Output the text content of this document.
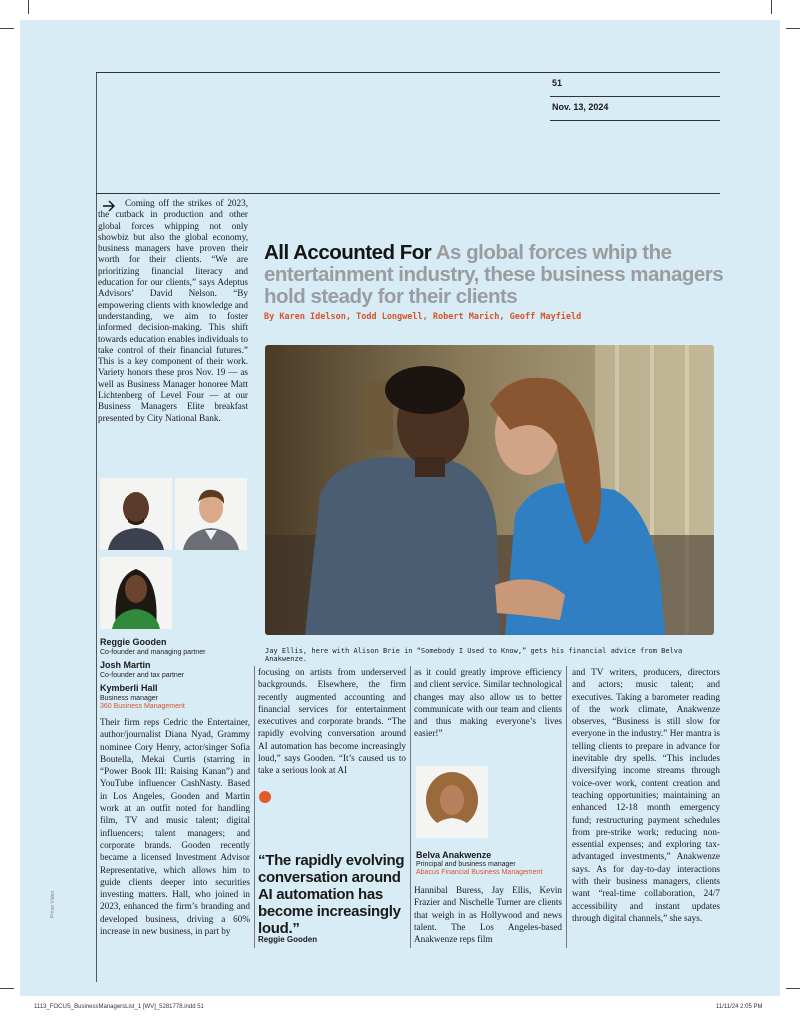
51
Nov. 13, 2024

Coming off the strikes of 2023, the cutback in production and other global forces whipping not only showbiz but also the global economy, business managers have proven their worth for their clients. “We are prioritizing financial literacy and education for our clients,” says Adeptus Advisors’ David Nelson. “By empowering clients with knowledge and understanding, we aim to foster informed decision-making. This shift towards education enables individuals to take control of their financial futures.” This is a key component of their work. Variety honors these pros Nov. 19 — as well as Business Manager honoree Matt Lichtenberg of Level Four — at our Business Managers Elite breakfast presented by City National Bank.

All Accounted For As global forces whip the entertainment industry, these business managers hold steady for their clients
By Karen Idelson, Todd Longwell, Robert Marich, Geoff Mayfield
Jay Ellis, here with Alison Brie in “Somebody I Used to Know,” gets his financial advice from Belva Anakwenze.
Reggie Gooden
Co-founder and managing partner
Josh Martin
Co-founder and tax partner
Kymberli Hall
Business manager
360 Business Management

Their firm reps Cedric the Entertainer, author/journalist Diana Nyad, Grammy nominee Cory Henry, actor/singer Sofia Boutella, Mekai Curtis (starring in “Power Book III: Raising Kanan”) and YouTube influencer CashNasty. Based in Los Angeles, Gooden and Martin work at an outfit noted for handling film, TV and music talent; digital influencers; talent managers; and corporate brands. Gooden recently became a licensed Investment Advisor Representative, which allows him to guide clients deeper into securities investing matters. Hall, who joined in 2023, enhanced the firm’s branding and developed business, driving a 60% increase in new business, in part by

focusing on artists from underserved backgrounds. Elsewhere, the firm recently augmented accounting and financial services for entertainment executives and corporate brands. “The rapidly evolving conversation around AI automation has become increasingly loud,” says Gooden. “It’s caused us to take a serious look at AI

as it could greatly improve efficiency and client service. Similar technological changes may also allow us to better communicate with our team and clients and thus making everyone’s lives easier!”

Hannibal Buress, Jay Ellis, Kevin Frazier and Nischelle Turner are clients that weigh in as Hollywood and news talent. The Los Angeles-based Anakwenze reps film

and TV writers, producers, directors and actors; music talent; and executives. Taking a barometer reading of the work climate, Anakwenze observes, “Business is still slow for everyone in the industry.” Her mantra is telling clients to prepare in advance for inevitable dry spells. “This includes diversifying income streams through voice-over work, content creation and teaching opportunities; maintaining an enhanced 12-18 month emergency fund; restructuring payment schedules from pre-strike work; reducing non-essential expenses; and exploring tax-advantaged investments,” Anakwenze says. As for day-to-day interactions with their business managers, clients want “real-time collaboration, 24/7 accessibility and instant updates through digital channels,” she says.

Belva Anakwenze
Principal and business manager
Abacus Financial Business Management
“The rapidly evolving conversation around AI automation has become increasingly loud.”
Reggie Gooden
Prime Video
1113_FOCUS_BusinessManagersList_1 [WV]_5281778.indd 51	11/11/24 2:05 PM
